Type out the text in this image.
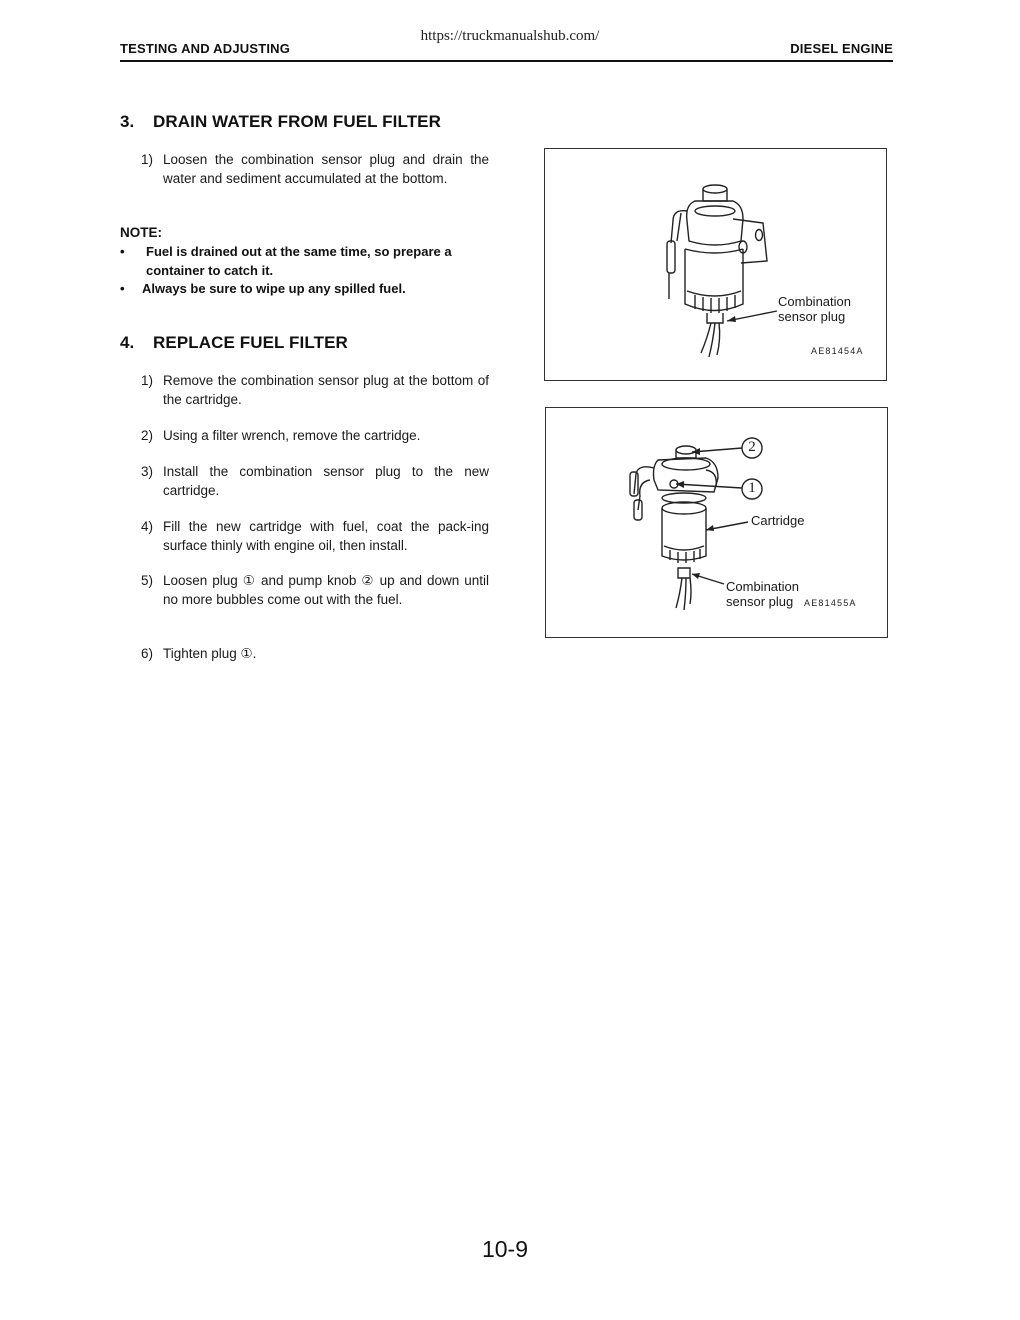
https://truckmanualshub.com/
TESTING AND ADJUSTING	DIESEL ENGINE
3. DRAIN WATER FROM FUEL FILTER
1) Loosen the combination sensor plug and drain the water and sediment accumulated at the bottom.
NOTE:
• Fuel is drained out at the same time, so prepare a container to catch it.
• Always be sure to wipe up any spilled fuel.
4. REPLACE FUEL FILTER
1) Remove the combination sensor plug at the bottom of the cartridge.
2) Using a filter wrench, remove the cartridge.
3) Install the combination sensor plug to the new cartridge.
4) Fill the new cartridge with fuel, coat the pack-ing surface thinly with engine oil, then install.
5) Loosen plug ① and pump knob ② up and down until no more bubbles come out with the fuel.
6) Tighten plug ①.
Combination
sensor plug
AE81454A
2
1
Cartridge
Combination
sensor plug AE81455A
10-9
